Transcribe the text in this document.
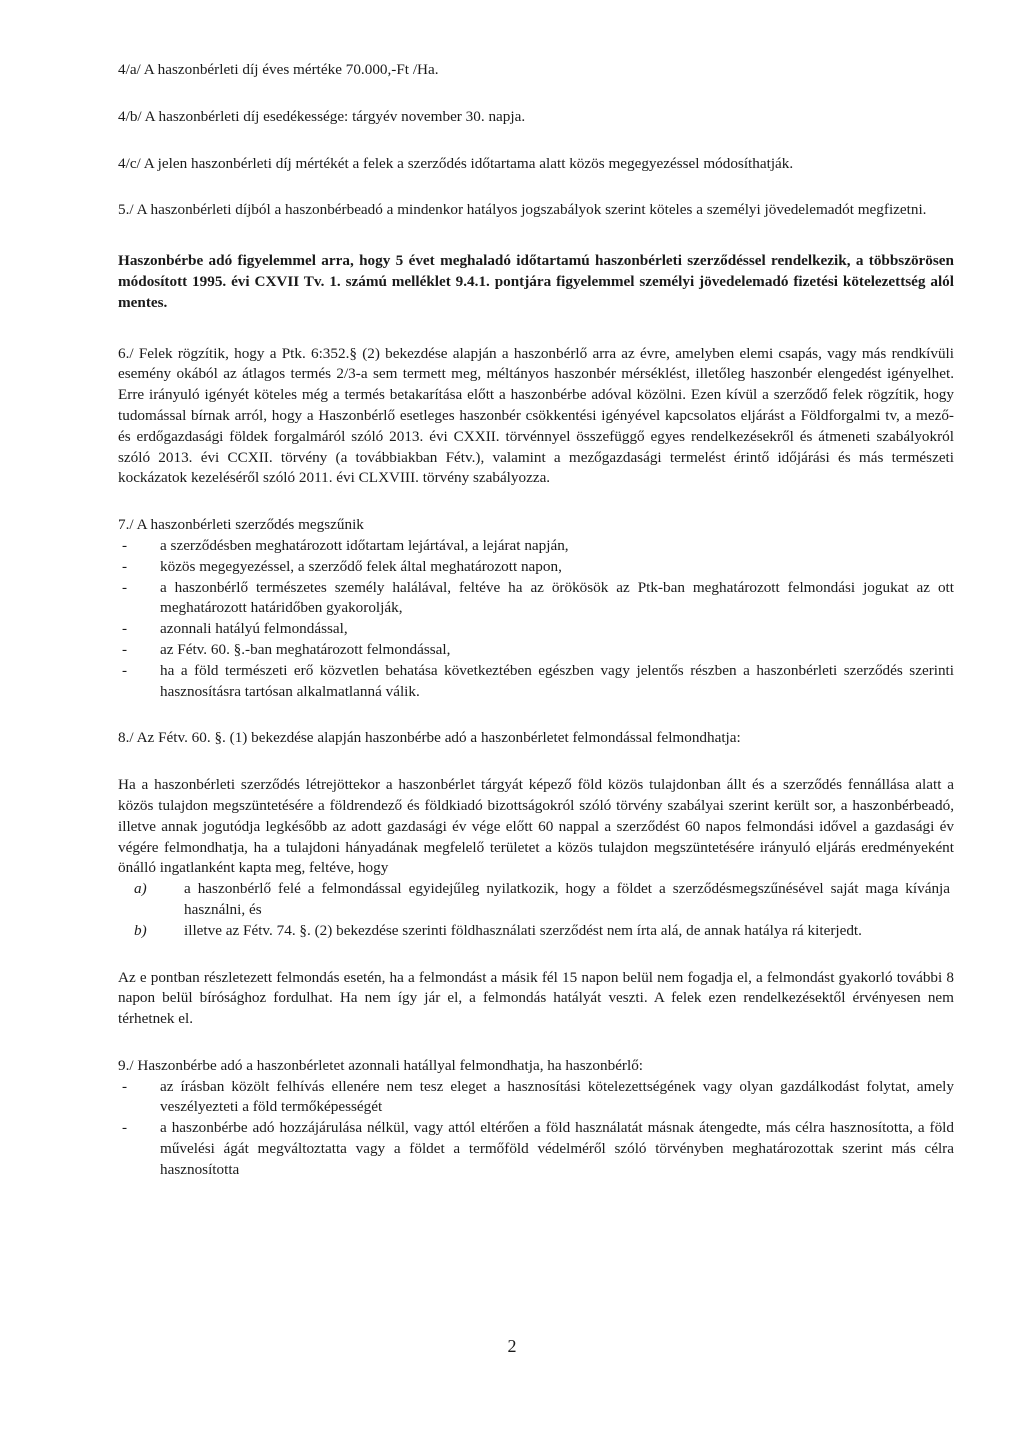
4/a/ A haszonbérleti díj éves mértéke 70.000,-Ft /Ha.

4/b/ A haszonbérleti díj esedékessége: tárgyév november 30. napja.

4/c/ A jelen haszonbérleti díj mértékét a felek a szerződés időtartama alatt közös megegyezéssel módosíthatják.

5./ A haszonbérleti díjból a haszonbérbeadó a mindenkor hatályos jogszabályok szerint köteles a személyi jövedelemadót megfizetni.

Haszonbérbe adó figyelemmel arra, hogy 5 évet meghaladó időtartamú haszonbérleti szerződéssel rendelkezik, a többszörösen módosított 1995. évi CXVII Tv. 1. számú melléklet 9.4.1. pontjára figyelemmel személyi jövedelemadó fizetési kötelezettség alól mentes.

6./ Felek rögzítik, hogy a Ptk. 6:352.§ (2) bekezdése alapján a haszonbérlő arra az évre, amelyben elemi csapás, vagy más rendkívüli esemény okából az átlagos termés 2/3-a sem termett meg, méltányos haszonbér mérséklést, illetőleg haszonbér elengedést igényelhet. Erre irányuló igényét köteles még a termés betakarítása előtt a haszonbérbe adóval közölni. Ezen kívül a szerződő felek rögzítik, hogy tudomással bírnak arról, hogy a Haszonbérlő esetleges haszonbér csökkentési igényével kapcsolatos eljárást a Földforgalmi tv, a mező- és erdőgazdasági földek forgalmáról szóló 2013. évi CXXII. törvénnyel összefüggő egyes rendelkezésekről és átmeneti szabályokról szóló 2013. évi CCXII. törvény (a továbbiakban Fétv.), valamint a mezőgazdasági termelést érintő időjárási és más természeti kockázatok kezeléséről szóló 2011. évi CLXVIII. törvény szabályozza.

7./ A haszonbérleti szerződés megszűnik

- a szerződésben meghatározott időtartam lejártával, a lejárat napján,
- közös megegyezéssel, a szerződő felek által meghatározott napon,
- a haszonbérlő természetes személy halálával, feltéve ha az örökösök az Ptk-ban meghatározott felmondási jogukat az ott meghatározott határidőben gyakorolják,
- azonnali hatályú felmondással,
- az Fétv. 60. §.-ban meghatározott felmondással,
- ha a föld természeti erő közvetlen behatása következtében egészben vagy jelentős részben a haszonbérleti szerződés szerinti hasznosításra tartósan alkalmatlanná válik.

8./ Az Fétv. 60. §. (1) bekezdése alapján haszonbérbe adó a haszonbérletet felmondással felmondhatja:

Ha a haszonbérleti szerződés létrejöttekor a haszonbérlet tárgyát képező föld közös tulajdonban állt és a szerződés fennállása alatt a közös tulajdon megszüntetésére a földrendező és földkiadó bizottságokról szóló törvény szabályai szerint került sor, a haszonbérbeadó, illetve annak jogutódja legkésőbb az adott gazdasági év vége előtt 60 nappal a szerződést 60 napos felmondási idővel a gazdasági év végére felmondhatja, ha a tulajdoni hányadának megfelelő területet a közös tulajdon megszüntetésére irányuló eljárás eredményeként önálló ingatlanként kapta meg, feltéve, hogy

a) a haszonbérlő felé a felmondással egyidejűleg nyilatkozik, hogy a földet a szerződésmegszűnésével saját maga kívánja használni, és
b) illetve az Fétv. 74. §. (2) bekezdése szerinti földhasználati szerződést nem írta alá, de annak hatálya rá kiterjedt.

Az e pontban részletezett felmondás esetén, ha a felmondást a másik fél 15 napon belül nem fogadja el, a felmondást gyakorló további 8 napon belül bírósághoz fordulhat. Ha nem így jár el, a felmondás hatályát veszti. A felek ezen rendelkezésektől érvényesen nem térhetnek el.

9./ Haszonbérbe adó a haszonbérletet azonnali hatállyal felmondhatja, ha haszonbérlő:

- az írásban közölt felhívás ellenére nem tesz eleget a hasznosítási kötelezettségének vagy olyan gazdálkodást folytat, amely veszélyezteti a föld termőképességét
- a haszonbérbe adó hozzájárulása nélkül, vagy attól eltérően a föld használatát másnak átengedte, más célra hasznosította, a föld művelési ágát megváltoztatta vagy a földet a termőföld védelméről szóló törvényben meghatározottak szerint más célra hasznosította
2
